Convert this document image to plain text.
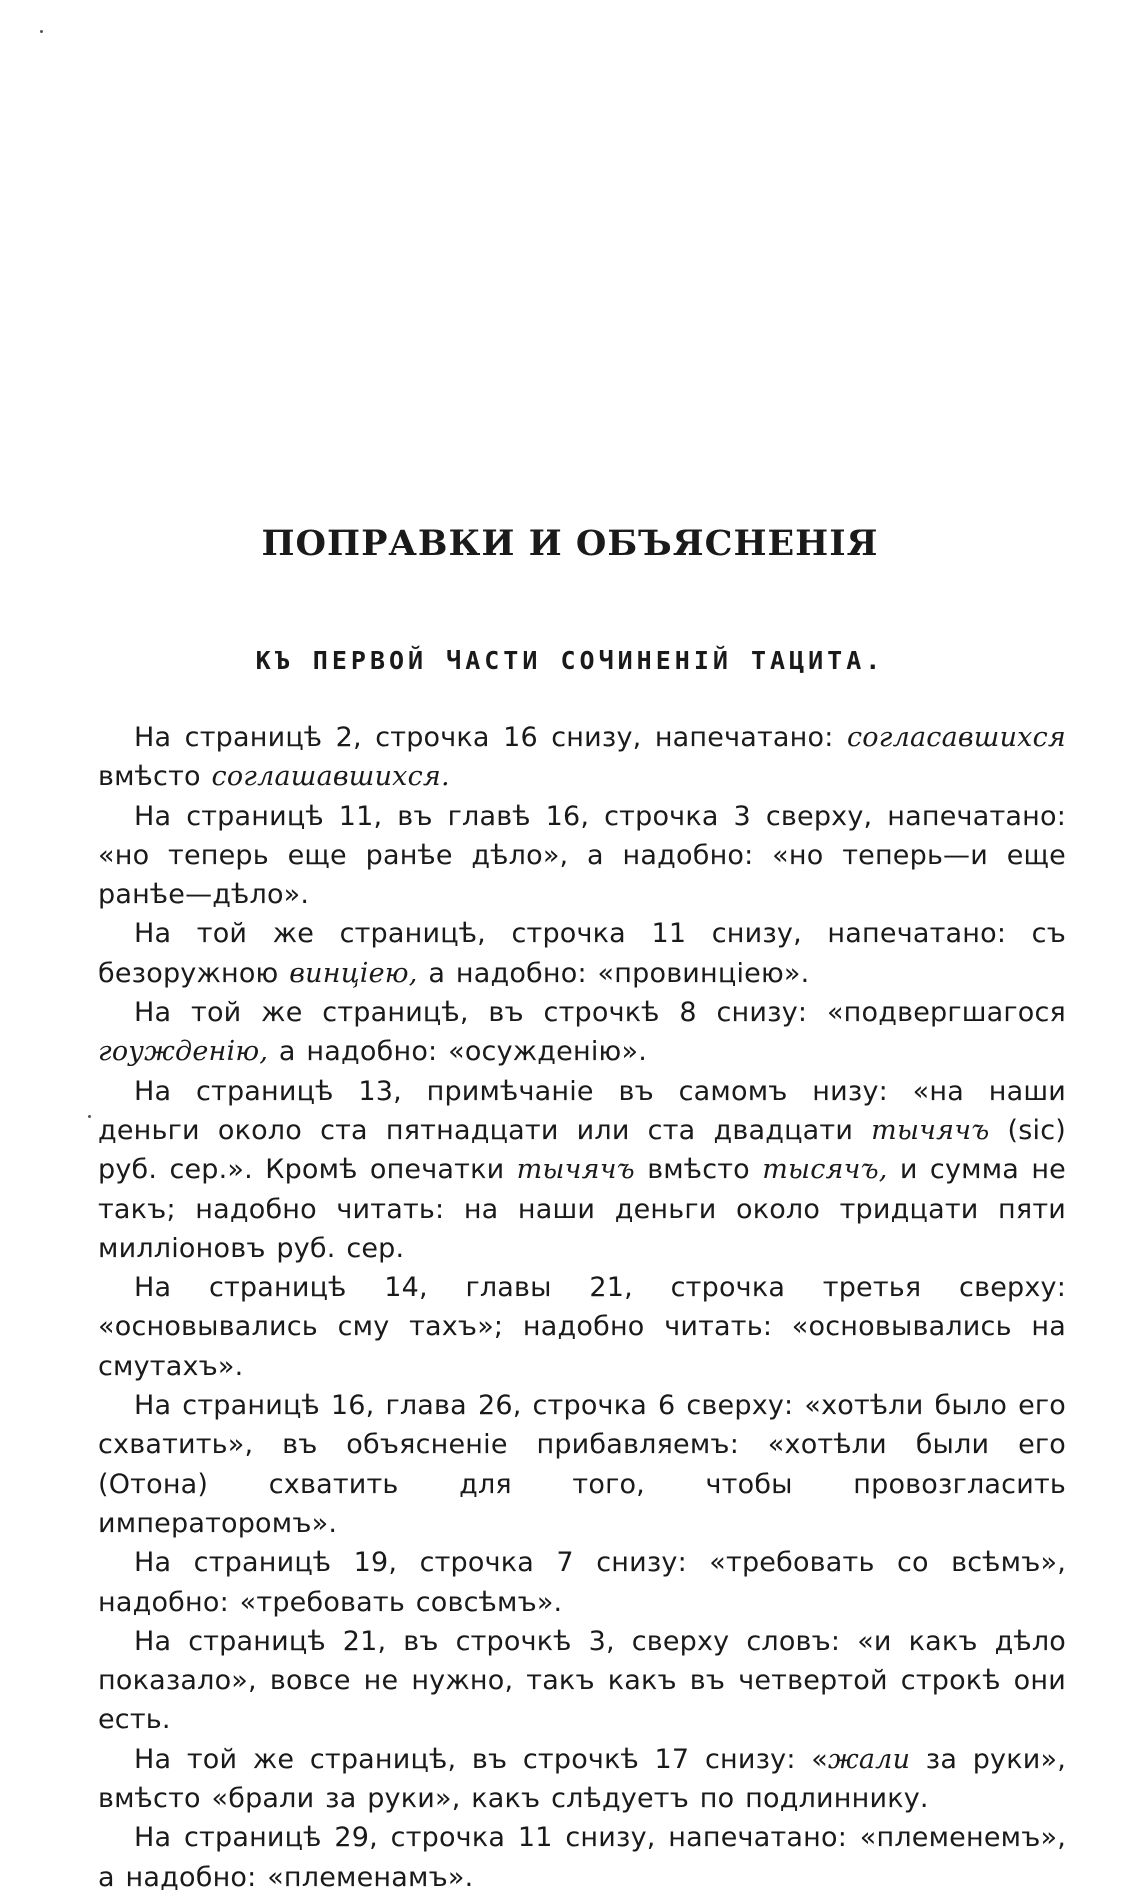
ПОПРАВКИ И ОБЪЯСНЕНІЯ
КЪ ПЕРВОЙ ЧАСТИ СОЧИНЕНІЙ ТАЦИТА.

На страницѣ 2, строчка 16 снизу, напечатано: согласавшихся вмѣсто соглашавшихся.

На страницѣ 11, въ главѣ 16, строчка 3 сверху, напечатано: «но теперь еще ранѣе дѣло», а надобно: «но теперь—и еще ранѣе—дѣло».

На той же страницѣ, строчка 11 снизу, напечатано: съ безоружною винціею, а надобно: «провинціею».

На той же страницѣ, въ строчкѣ 8 снизу: «подвергшагося гоужденію, а надобно: «осужденію».

На страницѣ 13, примѣчаніе въ самомъ низу: «на наши деньги около ста пятнадцати или ста двадцати тычячъ (sic) руб. сер.». Кромѣ опечатки тычячъ вмѣсто тысячъ, и сумма не такъ; надобно читать: на наши деньги около тридцати пяти милліоновъ руб. сер.

На страницѣ 14, главы 21, строчка третья сверху: «основывались сму тахъ»; надобно читать: «основывались на смутахъ».

На страницѣ 16, глава 26, строчка 6 сверху: «хотѣли было его схватить», въ объясненіе прибавляемъ: «хотѣли были его (Отона) схватить для того, чтобы провозгласить императоромъ».

На страницѣ 19, строчка 7 снизу: «требовать со всѣмъ», надобно: «требовать совсѣмъ».

На страницѣ 21, въ строчкѣ 3, сверху словъ: «и какъ дѣло показало», вовсе не нужно, такъ какъ въ четвертой строкѣ они есть.

На той же страницѣ, въ строчкѣ 17 снизу: «жали за руки», вмѣсто «брали за руки», какъ слѣдуетъ по подлиннику.

На страницѣ 29, строчка 11 снизу, напечатано: «племенемъ», а надобно: «племенамъ».
